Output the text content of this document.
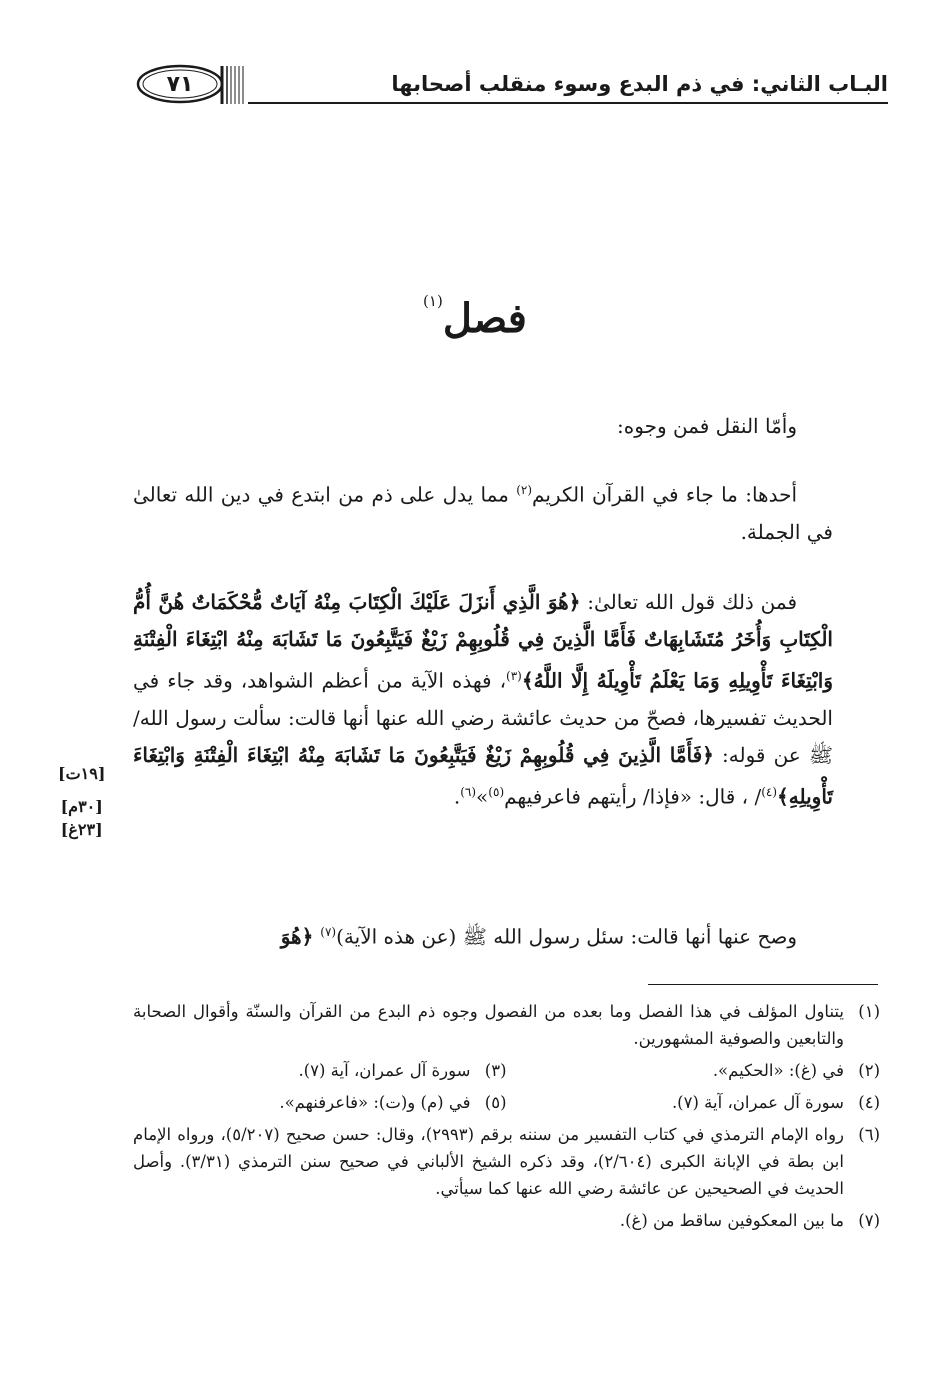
٧١	البـاب الثاني: في ذم البدع وسوء منقلب أصحابها
فصل$^{(١)}$

وأمّا النقل فمن وجوه:

أحدها: ما جاء في القرآن الكريم$^{(٢)}$ مما يدل على ذم من ابتدع في دين الله تعالىٰ في الجملة.

فمن ذلك قول الله تعالىٰ: ﴿هُوَ الَّذِي أَنزَلَ عَلَيْكَ الْكِتَابَ مِنْهُ آيَاتٌ مُّحْكَمَاتٌ هُنَّ أُمُّ الْكِتَابِ وَأُخَرُ مُتَشَابِهَاتٌ فَأَمَّا الَّذِينَ فِي قُلُوبِهِمْ زَيْغٌ فَيَتَّبِعُونَ مَا تَشَابَهَ مِنْهُ ابْتِغَاءَ الْفِتْنَةِ وَابْتِغَاءَ تَأْوِيلِهِ وَمَا يَعْلَمُ تَأْوِيلَهُ إِلَّا اللَّهُ﴾$^{(٣)}$، فهذه الآية من أعظم الشواهد، وقد جاء في الحديث تفسيرها، فصحّ من حديث عائشة رضي الله عنها أنها قالت: سألت رسول الله/ ﷺ عن قوله: ﴿فَأَمَّا الَّذِينَ فِي قُلُوبِهِمْ زَيْغٌ فَيَتَّبِعُونَ مَا تَشَابَهَ مِنْهُ ابْتِغَاءَ الْفِتْنَةِ وَابْتِغَاءَ تَأْوِيلِهِ﴾$^{(٤)}$/ ، قال: «فإذا/ رأيتهم فاعرفيهم$^{(٥)}$»$^{(٦)}$.

وصح عنها أنها قالت: سئل رسول الله ﷺ (عن هذه الآية)$^{(٧)}$ ﴿هُوَ

[١٩ت]
[٣٠م]
[٢٣غ]
(١)
يتناول المؤلف في هذا الفصل وما بعده من الفصول وجوه ذم البدع من القرآن والسنّة وأقوال الصحابة والتابعين والصوفية المشهورين.
(٢)
في (غ): «الحكيم».
(٣)
سورة آل عمران، آية (٧).
(٤)
سورة آل عمران، آية (٧).
(٥)
في (م) و(ت): «فاعرفنهم».
(٦)
رواه الإمام الترمذي في كتاب التفسير من سننه برقم (٢٩٩٣)، وقال: حسن صحيح (٥/٢٠٧)، ورواه الإمام ابن بطة في الإبانة الكبرى (٢/٦٠٤)، وقد ذكره الشيخ الألباني في صحيح سنن الترمذي (٣/٣١). وأصل الحديث في الصحيحين عن عائشة رضي الله عنها كما سيأتي.
(٧)
ما بين المعكوفين ساقط من (غ).
